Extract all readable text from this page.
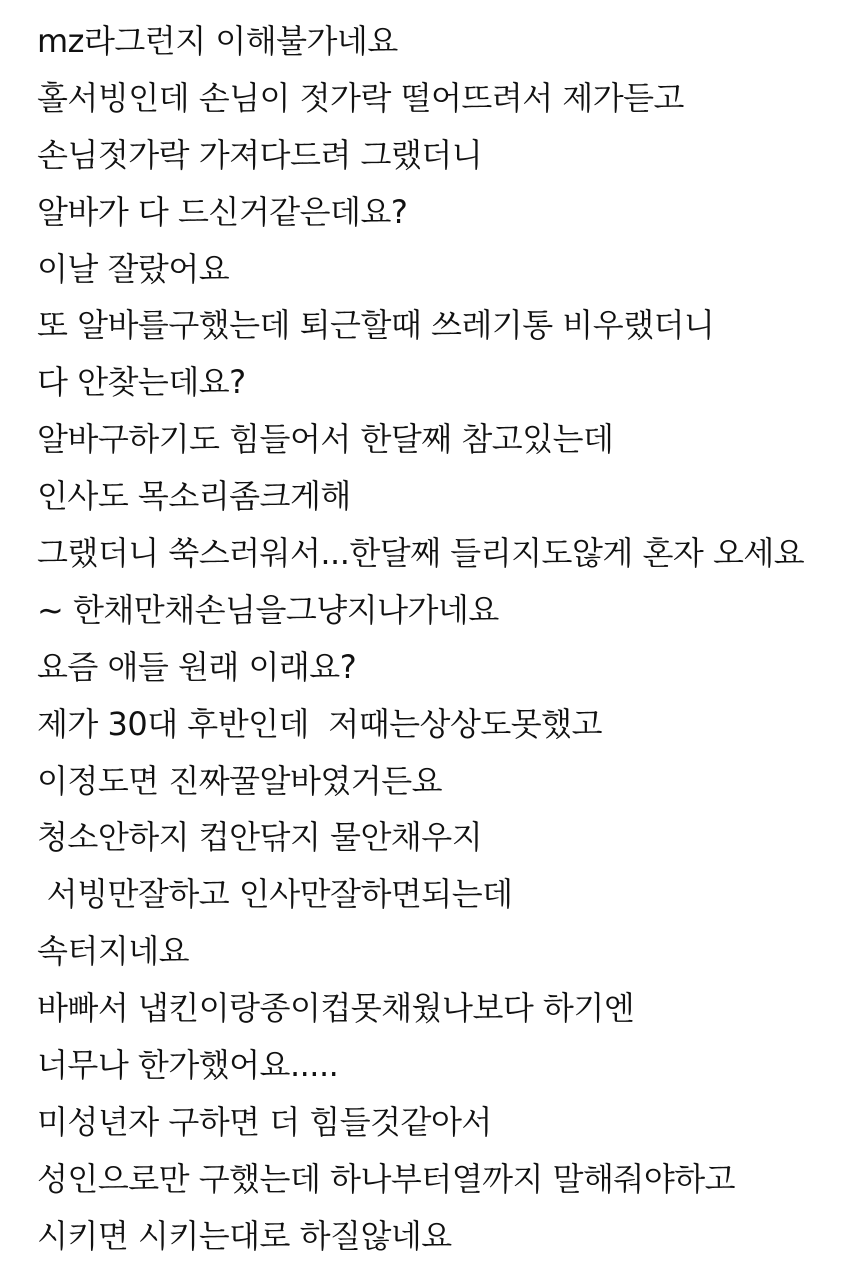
mz라그런지 이해불가네요
홀서빙인데 손님이 젓가락 떨어뜨려서 제가듣고
손님젓가락 가져다드려 그랬더니
알바가 다 드신거같은데요?
이날 잘랐어요
또 알바를구했는데 퇴근할때 쓰레기통 비우랬더니
다 안찾는데요?
알바구하기도 힘들어서 한달째 참고있는데
인사도 목소리좀크게해
그랬더니 쑥스러워서...한달째 들리지도않게 혼자 오세요
~ 한채만채손님을그냥지나가네요
요즘 애들 원래 이래요?
제가 30대 후반인데  저때는상상도못했고
이정도면 진짜꿀알바였거든요
청소안하지 컵안닦지 물안채우지
서빙만잘하고 인사만잘하면되는데
속터지네요
바빠서 냅킨이랑종이컵못채웠나보다 하기엔
너무나 한가했어요.....
미성년자 구하면 더 힘들것같아서
성인으로만 구했는데 하나부터열까지 말해줘야하고
시키면 시키는대로 하질않네요
